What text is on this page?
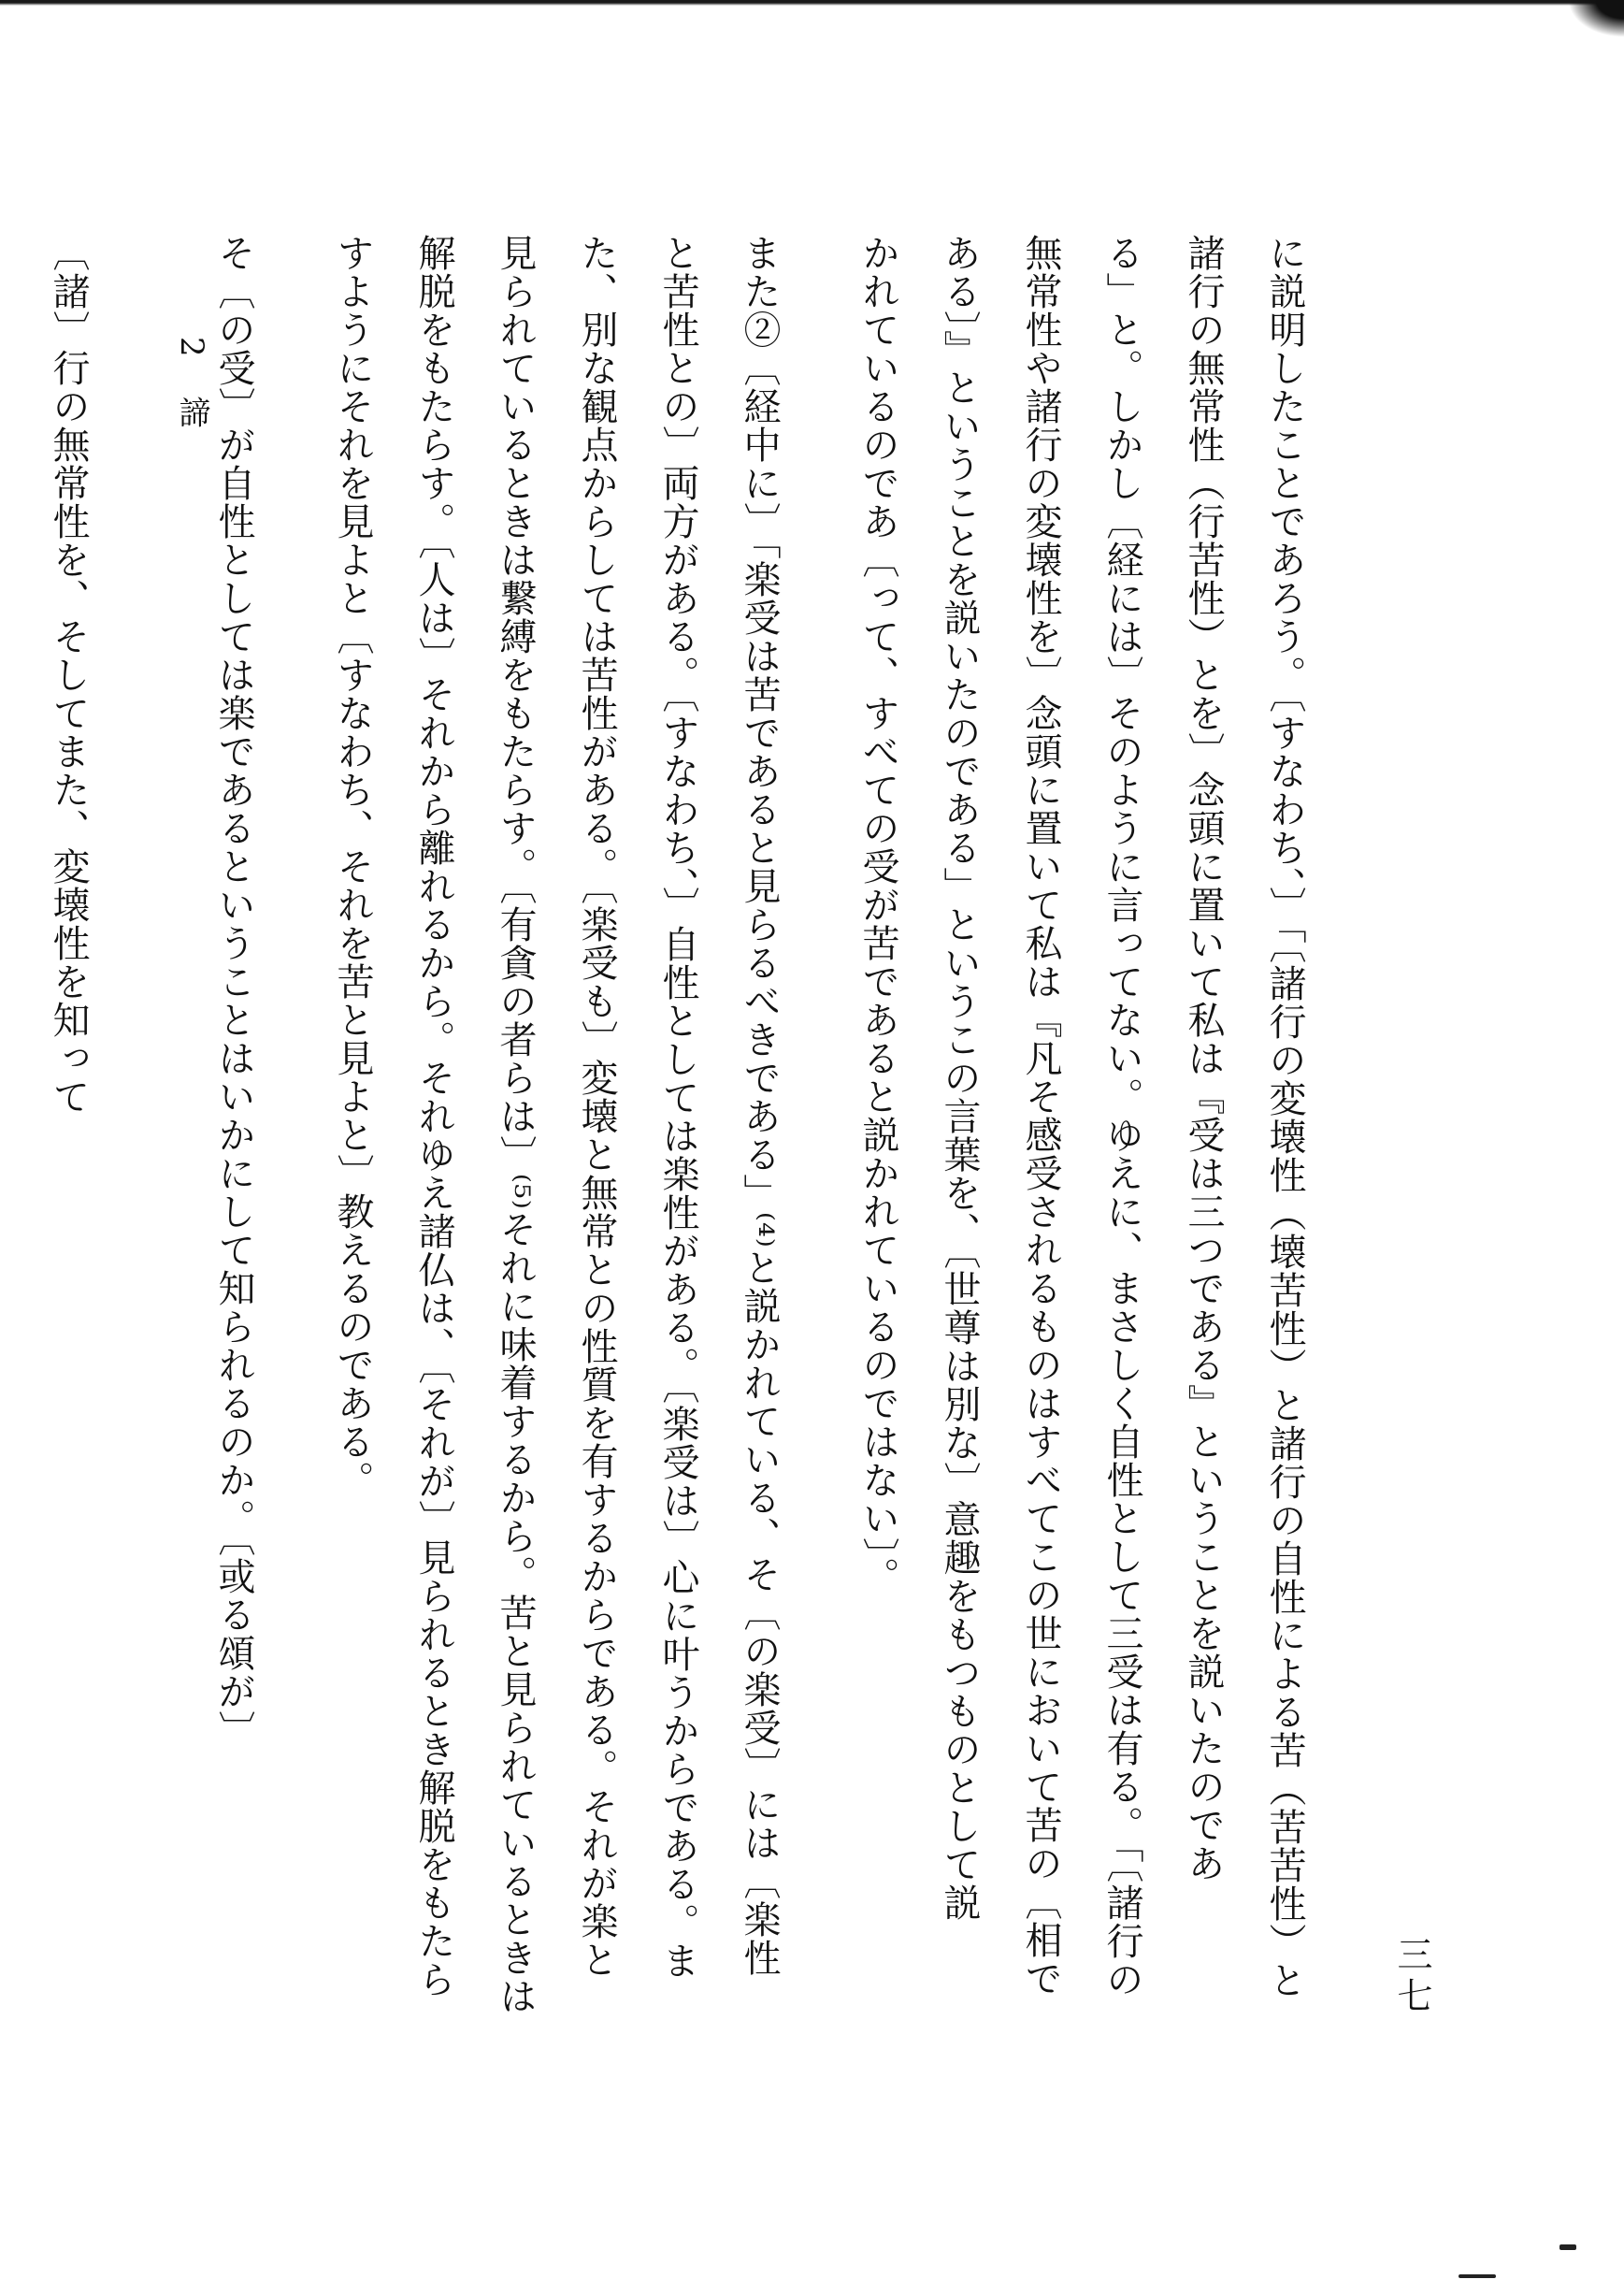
に説明したことであろう。〔すなわち、〕「〔諸行の変壊性（壊苦性）と諸行の自性による苦（苦苦性）と
諸行の無常性（行苦性）とを〕念頭に置いて私は『受は三つである』ということを説いたのであ
る」と。しかし〔経には〕そのように言ってない。ゆえに、まさしく自性として三受は有る。「〔諸行の
無常性や諸行の変壊性を〕念頭に置いて私は『凡そ感受されるものはすべてこの世において苦の〔相で
ある〕』ということを説いたのである」というこの言葉を、〔世尊は別な〕意趣をもつものとして説
かれているのであ〔って、すべての受が苦であると説かれているのではない〕。
また②〔経中に〕「楽受は苦であると見らるべきである」⁽⁴⁾と説かれている、そ〔の楽受〕には〔楽性
と苦性との〕両方がある。〔すなわち、〕自性としては楽性がある。〔楽受は〕心に叶うからである。ま
た、別な観点からしては苦性がある。〔楽受も〕変壊と無常との性質を有するからである。それが楽と
見られているときは繋縛をもたらす。〔有貪の者らは〕⁽⁵⁾それに味着するから。苦と見られているときは
解脱をもたらす。〔人は〕それから離れるから。それゆえ諸仏は、〔それが〕見られるとき解脱をもたら
すようにそれを見よと〔すなわち、それを苦と見よと〕教えるのである。
そ〔の受〕が自性としては楽であるということはいかにして知られるのか。〔或る頌が〕
〔諸〕行の無常性を、そしてまた、変壊性を知って	2　諦
三七
